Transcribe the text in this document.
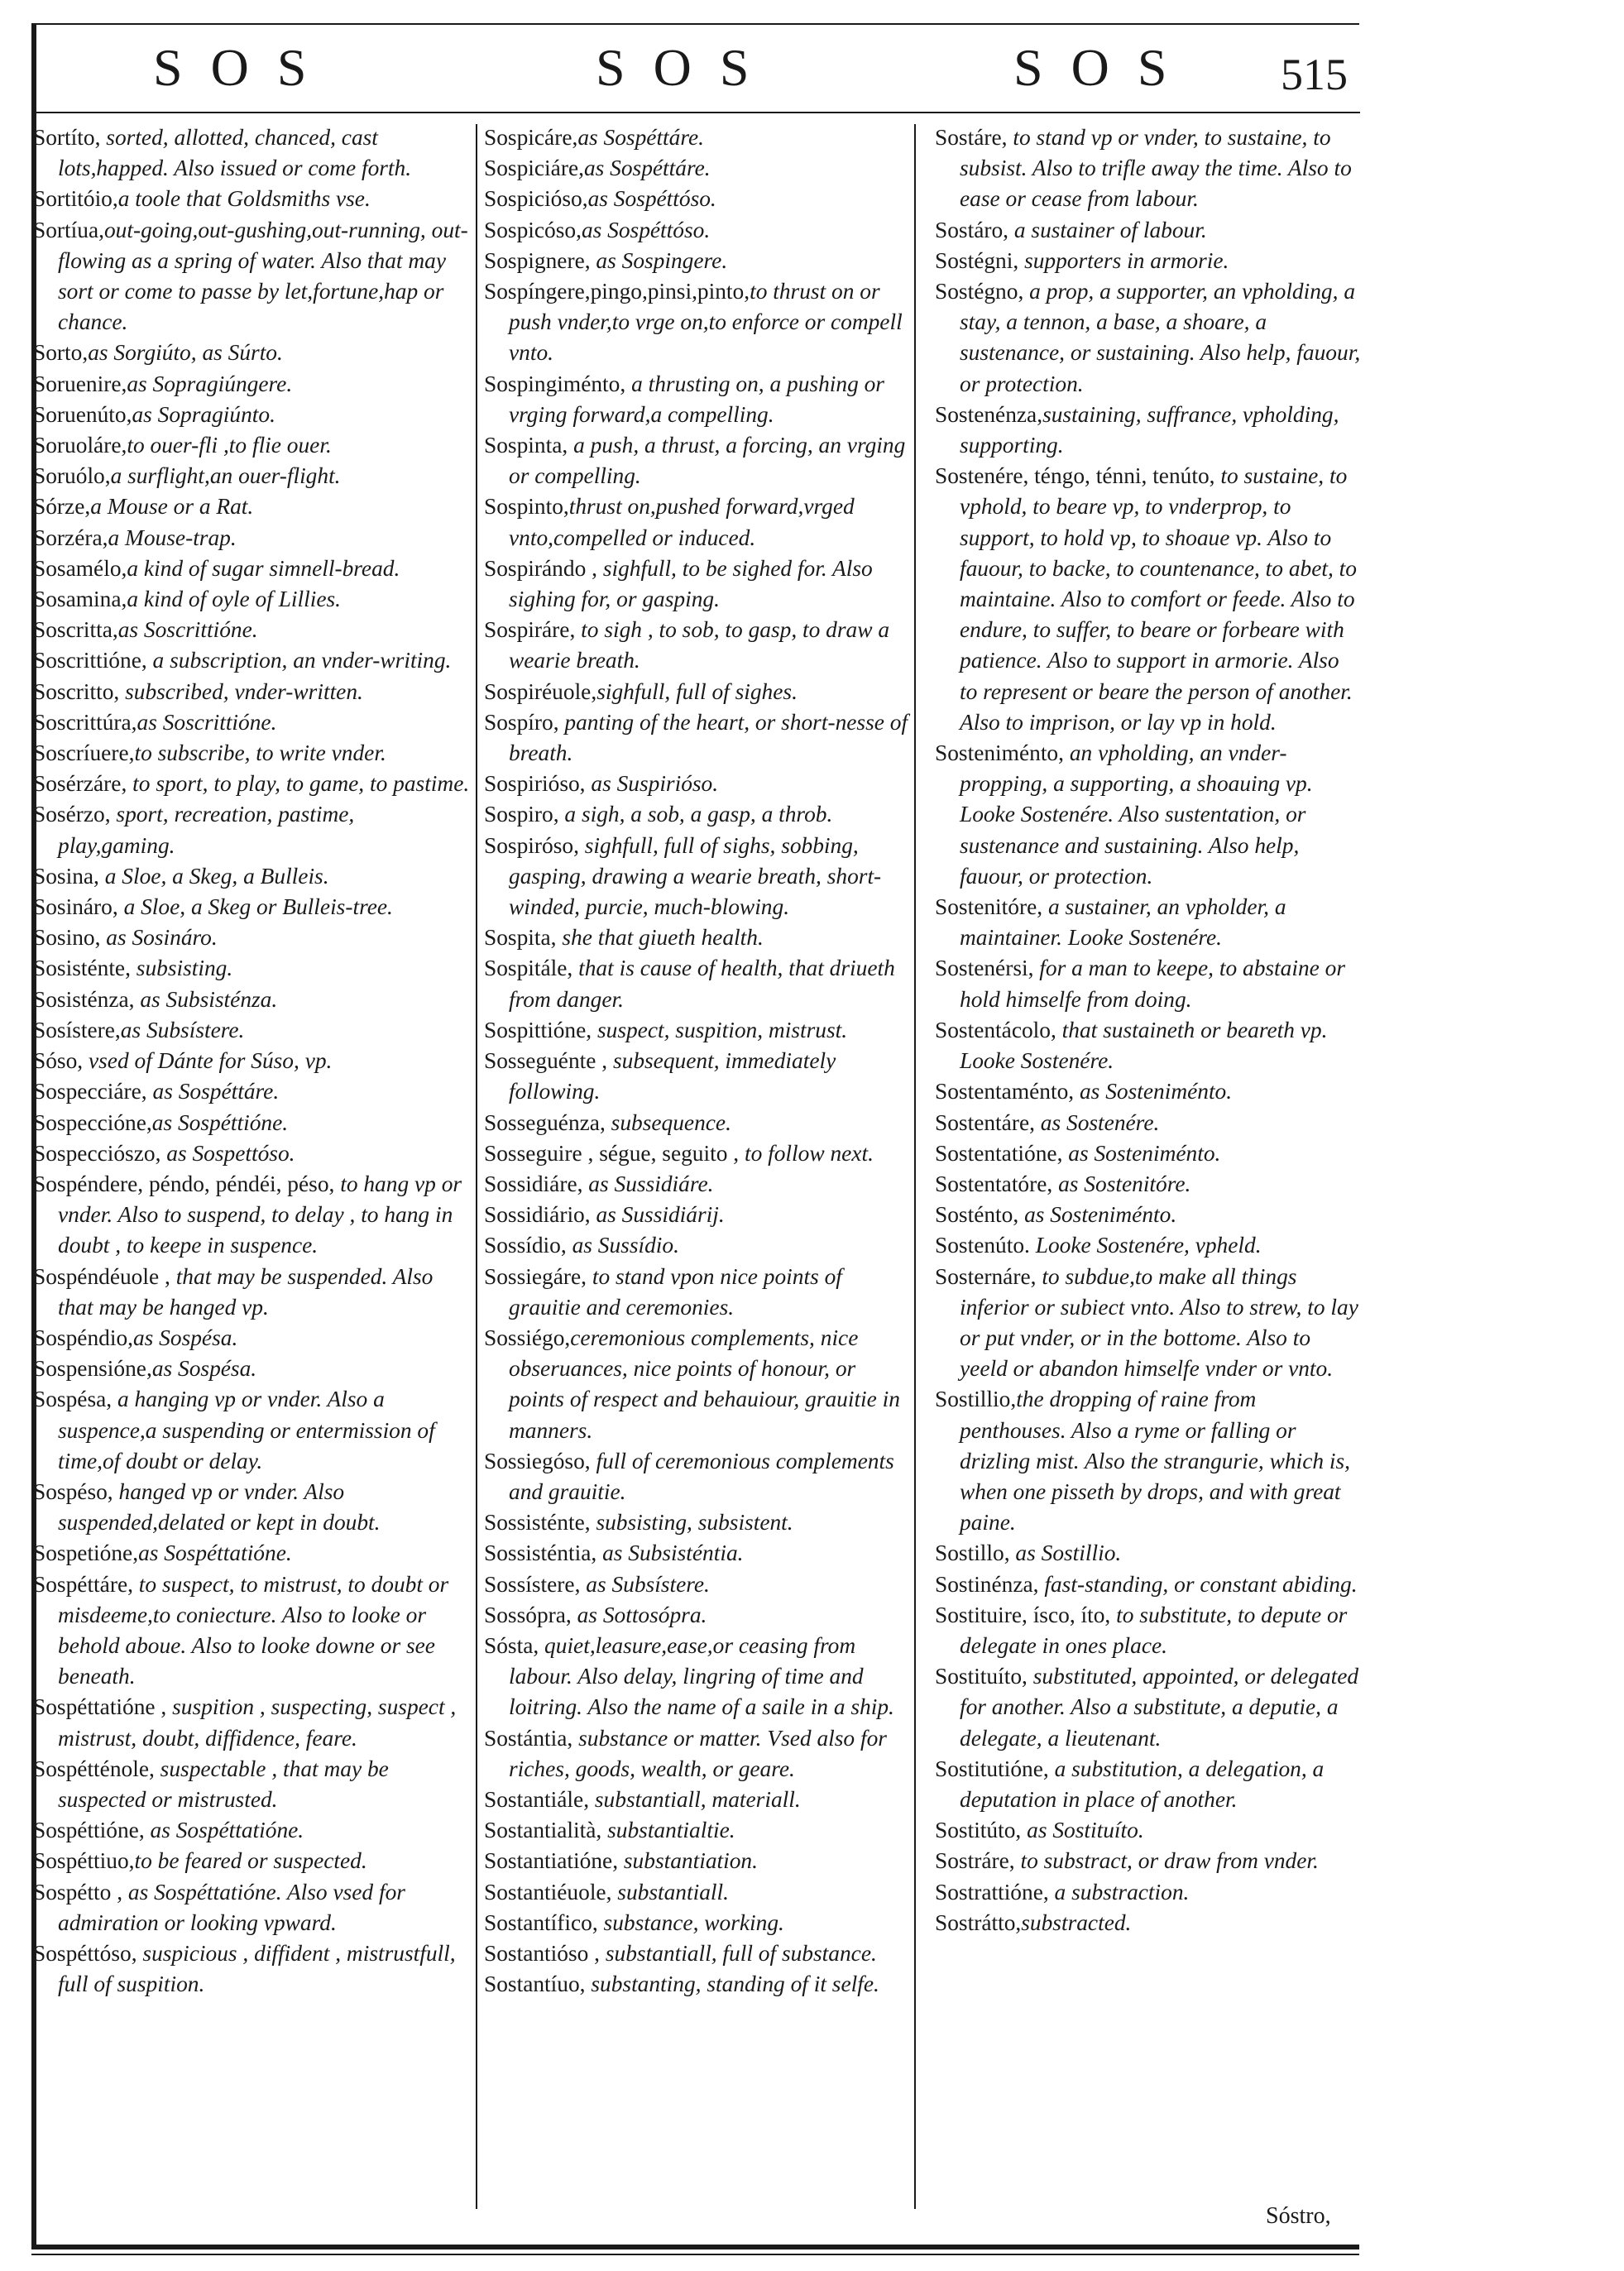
SOS	SOS	SOS 515

Sortíto, sorted, allotted, chanced, cast lots,happed. Also issued or come forth.

Sortitóio,a toole that Goldsmiths vse.

Sortíua,out-going,out-gushing,out-running, out-flowing as a spring of water. Also that may sort or come to passe by let,fortune,hap or chance.

Sorto,as Sorgiúto, as Súrto.

Soruenire,as Sopragiúngere.

Soruenúto,as Sopragiúnto.

Soruoláre,to ouer-fli ,to flie ouer.

Soruólo,a surflight,an ouer-flight.

Sórze,a Mouse or a Rat.

Sorzéra,a Mouse-trap.

Sosamélo,a kind of sugar simnell-bread.

Sosamina,a kind of oyle of Lillies.

Soscritta,as Soscrittióne.

Soscrittióne, a subscription, an vnder-writing.

Soscritto, subscribed, vnder-written.

Soscrittúra,as Soscrittióne.

Soscríuere,to subscribe, to write vnder.

Sosérzáre, to sport, to play, to game, to pastime.

Sosérzo, sport, recreation, pastime, play,gaming.

Sosina, a Sloe, a Skeg, a Bulleis.

Sosináro, a Sloe, a Skeg or Bulleis-tree.

Sosino, as Sosináro.

Sosisténte, subsisting.

Sosisténza, as Subsisténza.

Sosístere,as Subsístere.

Sóso, vsed of Dánte for Súso, vp.

Sospecciáre, as Sospéttáre.

Sospeccióne,as Sospéttióne.

Sospecciószo, as Sospettóso.

Sospéndere, péndo, péndéi, péso, to hang vp or vnder. Also to suspend, to delay , to hang in doubt , to keepe in suspence.

Sospéndéuole , that may be suspended. Also that may be hanged vp.

Sospéndio,as Sospésa.

Sospensióne,as Sospésa.

Sospésa, a hanging vp or vnder. Also a suspence,a suspending or entermission of time,of doubt or delay.

Sospéso, hanged vp or vnder. Also suspended,delated or kept in doubt.

Sospetióne,as Sospéttatióne.

Sospéttáre, to suspect, to mistrust, to doubt or misdeeme,to coniecture. Also to looke or behold aboue. Also to looke downe or see beneath.

Sospéttatióne , suspition , suspecting, suspect , mistrust, doubt, diffidence, feare.

Sospétténole, suspectable , that may be suspected or mistrusted.

Sospéttióne, as Sospéttatióne.

Sospéttiuo,to be feared or suspected.

Sospétto , as Sospéttatióne. Also vsed for admiration or looking vpward.

Sospéttóso, suspicious , diffident , mistrustfull, full of suspition.

Sospicáre,as Sospéttáre.

Sospiciáre,as Sospéttáre.

Sospicióso,as Sospéttóso.

Sospicóso,as Sospéttóso.

Sospignere, as Sospingere.

Sospíngere,pingo,pinsi,pinto,to thrust on or push vnder,to vrge on,to enforce or compell vnto.

Sospingiménto, a thrusting on, a pushing or vrging forward,a compelling.

Sospinta, a push, a thrust, a forcing, an vrging or compelling.

Sospinto,thrust on,pushed forward,vrged vnto,compelled or induced.

Sospirándo , sighfull, to be sighed for. Also sighing for, or gasping.

Sospiráre, to sigh , to sob, to gasp, to draw a wearie breath.

Sospiréuole,sighfull, full of sighes.

Sospíro, panting of the heart, or short-nesse of breath.

Sospirióso, as Suspirióso.

Sospiro, a sigh, a sob, a gasp, a throb.

Sospiróso, sighfull, full of sighs, sobbing, gasping, drawing a wearie breath, short-winded, purcie, much-blowing.

Sospita, she that giueth health.

Sospitále, that is cause of health, that driueth from danger.

Sospittióne, suspect, suspition, mistrust.

Sosseguénte , subsequent, immediately following.

Sosseguénza, subsequence.

Sosseguire , ségue, seguito , to follow next.

Sossidiáre, as Sussidiáre.

Sossidiário, as Sussidiárij.

Sossídio, as Sussídio.

Sossiegáre, to stand vpon nice points of grauitie and ceremonies.

Sossiégo,ceremonious complements, nice obseruances, nice points of honour, or points of respect and behauiour, grauitie in manners.

Sossiegóso, full of ceremonious complements and grauitie.

Sossisténte, subsisting, subsistent.

Sossisténtia, as Subsisténtia.

Sossístere, as Subsístere.

Sossópra, as Sottosópra.

Sósta, quiet,leasure,ease,or ceasing from labour. Also delay, lingring of time and loitring. Also the name of a saile in a ship.

Sostántia, substance or matter. Vsed also for riches, goods, wealth, or geare.

Sostantiále, substantiall, materiall.

Sostantialità, substantialtie.

Sostantiatióne, substantiation.

Sostantiéuole, substantiall.

Sostantífico, substance, working.

Sostantióso , substantiall, full of substance.

Sostantíuo, substanting, standing of it selfe.

Sostáre, to stand vp or vnder, to sustaine, to subsist. Also to trifle away the time. Also to ease or cease from labour.

Sostáro, a sustainer of labour.

Sostégni, supporters in armorie.

Sostégno, a prop, a supporter, an vpholding, a stay, a tennon, a base, a shoare, a sustenance, or sustaining. Also help, fauour, or protection.

Sostenénza,sustaining, suffrance, vpholding, supporting.

Sostenére, téngo, ténni, tenúto, to sustaine, to vphold, to beare vp, to vnderprop, to support, to hold vp, to shoaue vp. Also to fauour, to backe, to countenance, to abet, to maintaine. Also to comfort or feede. Also to endure, to suffer, to beare or forbeare with patience. Also to support in armorie. Also to represent or beare the person of another. Also to imprison, or lay vp in hold.

Sosteniménto, an vpholding, an vnder-propping, a supporting, a shoauing vp. Looke Sostenére. Also sustentation, or sustenance and sustaining. Also help, fauour, or protection.

Sostenitóre, a sustainer, an vpholder, a maintainer. Looke Sostenére.

Sostenérsi, for a man to keepe, to abstaine or hold himselfe from doing.

Sostentácolo, that sustaineth or beareth vp. Looke Sostenére.

Sostentaménto, as Sosteniménto.

Sostentáre, as Sostenére.

Sostentatióne, as Sosteniménto.

Sostentatóre, as Sostenitóre.

Sosténto, as Sosteniménto.

Sostenúto. Looke Sostenére, vpheld.

Sosternáre, to subdue,to make all things inferior or subiect vnto. Also to strew, to lay or put vnder, or in the bottome. Also to yeeld or abandon himselfe vnder or vnto.

Sostillio,the dropping of raine from penthouses. Also a ryme or falling or drizling mist. Also the strangurie, which is, when one pisseth by drops, and with great paine.

Sostillo, as Sostillio.

Sostinénza, fast-standing, or constant abiding.

Sostituire, ísco, íto, to substitute, to depute or delegate in ones place.

Sostituíto, substituted, appointed, or delegated for another. Also a substitute, a deputie, a delegate, a lieutenant.

Sostitutióne, a substitution, a delegation, a deputation in place of another.

Sostitúto, as Sostituíto.

Sostráre, to substract, or draw from vnder.

Sostrattióne, a substraction.

Sostrátto,substracted.

Sóstro,
